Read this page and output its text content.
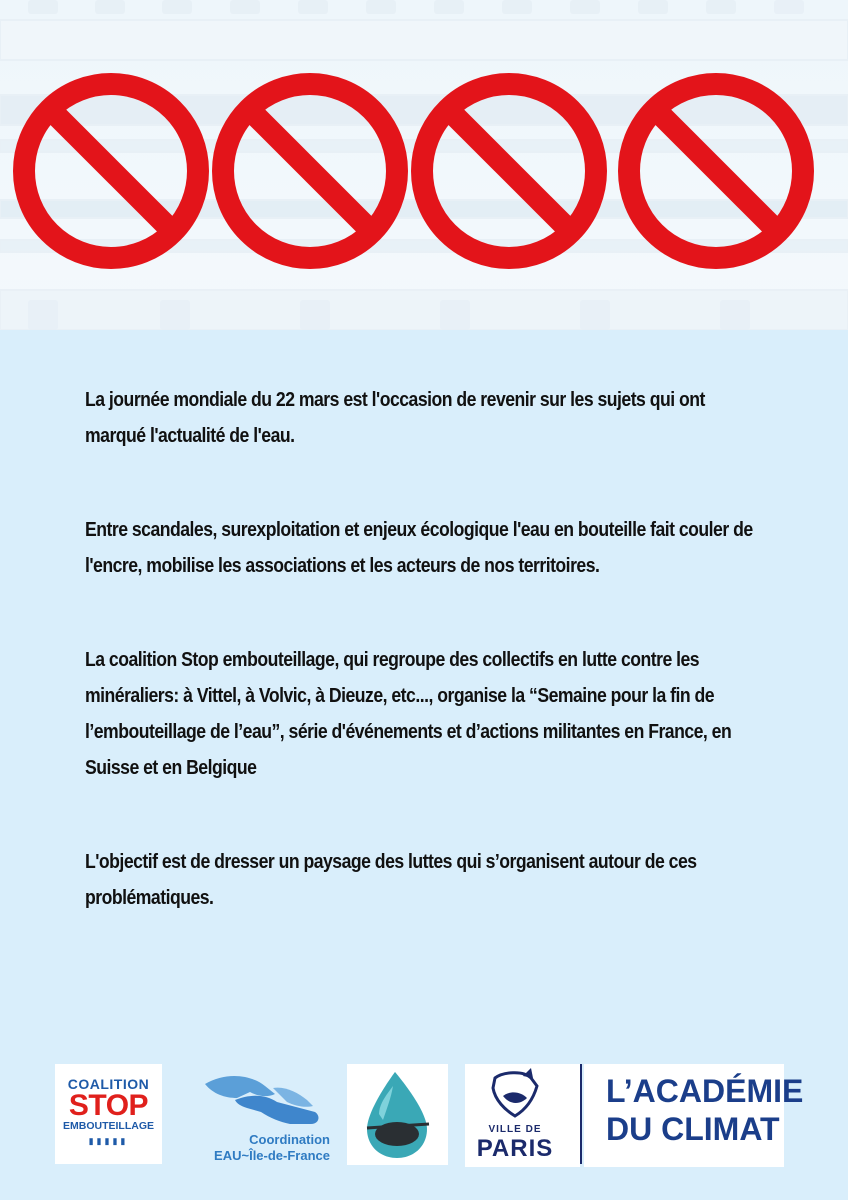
La journée mondiale du 22 mars est l'occasion de revenir sur les sujets qui ont marqué l'actualité de l'eau.

Entre scandales, surexploitation et enjeux écologique l'eau en bouteille fait couler de l'encre, mobilise les associations et les acteurs de nos territoires.

La coalition Stop embouteillage, qui regroupe des collectifs en lutte contre les minéraliers: à Vittel, à Volvic, à Dieuze, etc..., organise la “Semaine pour la fin de l’embouteillage de l’eau”, série d'événements et d’actions militantes en France, en Suisse et en Belgique

L'objectif est de dresser un paysage des luttes qui s’organisent autour de ces problématiques.

COALITION
STOP
EMBOUTEILLAGE
▮▮▮▮▮	Coordination
EAU~Île-de-France
VILLE DE
PARIS
L’ACADÉMIE
DU CLIMAT
